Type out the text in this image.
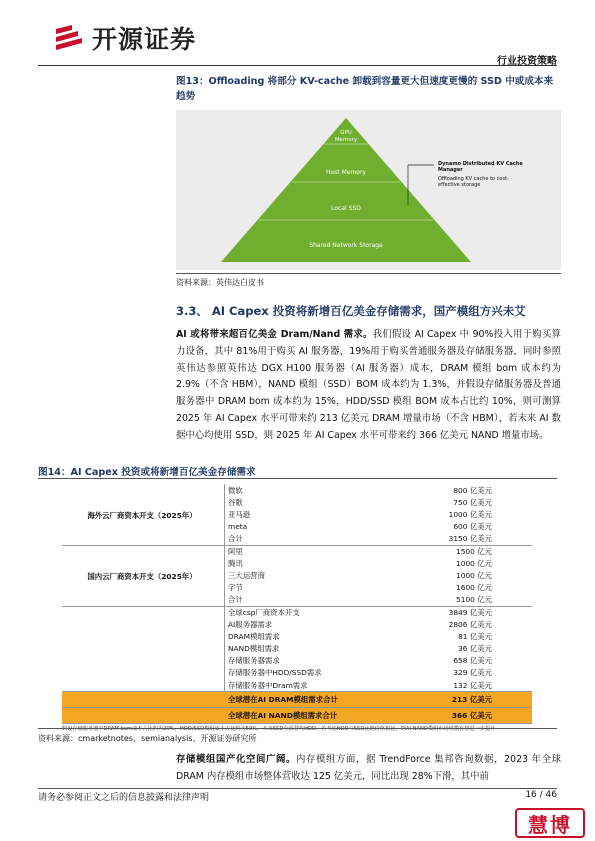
开源证券
行业投资策略
图13：Offloading 将部分 KV-cache 卸载到容量更大但速度更慢的 SSD 中或成本来趋势
GPU Memory
Host Memory
Local SSD
Shared Network Storage
Dynamo Distributed KV Cache Manager
Offloading KV cache to cost-effective storage
资料来源：英伟达白皮书
3.3、 AI Capex 投资将新增百亿美金存储需求，国产模组方兴未艾
AI 或将带来超百亿美金 Dram/Nand 需求。我们假设 AI Capex 中 90%投入用于购买算力设备，其中 81%用于购买 AI 服务器，19%用于购买普通服务器及存储服务器，同时参照英伟达参照英伟达 DGX H100 服务器（AI 服务器）成本，DRAM 模组 bom 成本约为 2.9%（不含 HBM），NAND 模组（SSD）BOM 成本约为 1.3%，并假设存储服务器及普通服务器中 DRAM bom 成本约为 15%，HDD/SSD 模组 BOM 成本占比约 10%，则可测算 2025 年 AI Capex 水平可带来约 213 亿美元 DRAM 增量市场（不含 HBM），若未来 AI 数据中心均使用 SSD，则 2025 年 AI Capex 水平可带来约 366 亿美元 NAND 增量市场。
图14：AI Capex 投资或将新增百亿美金存储需求
微软	800 亿美元
谷歌	750 亿美元
亚马逊	1000 亿美元
meta	600 亿美元
合计	3150 亿美元
海外云厂商资本开支（2025年）
阿里	1500 亿元
腾讯	1000 亿元
三大运营商	1000 亿元
字节	1600 亿元
合计	5100 亿元
国内云厂商资本开支（2025年）
全球csp厂商资本开支	3849 亿美元
AI服务器需求	2806 亿美元
DRAM模组需求	81 亿美元
NAND模组需求	36 亿美元
存储服务器需求	658 亿美元
存储服务器中HDD/SSD需求	329 亿美元
存储服务器中Dram需求	132 亿美元
全球潜在AI DRAM模组需求合计	213 亿美元
全球潜在AI NAND模组需求合计	366 亿美元
假设存储服务器中DRAM bom成本占比约为20%，HDD/SSD模组成本占比约为50%，未来SSD全面替代HDD，若考虑HDD与SSD比例价格相比，则AI NAND模组市场规模有望进一步提升
资料来源：cmarketnotes、semianalysis、开源证券研究所
存储模组国产化空间广阔。内存模组方面，据 TrendForce 集邦咨询数据，2023 年全球 DRAM 内存模组市场整体营收达 125 亿美元，同比出现 28%下滑，其中前
请务必参阅正文之后的信息披露和法律声明	16 / 46
慧博
